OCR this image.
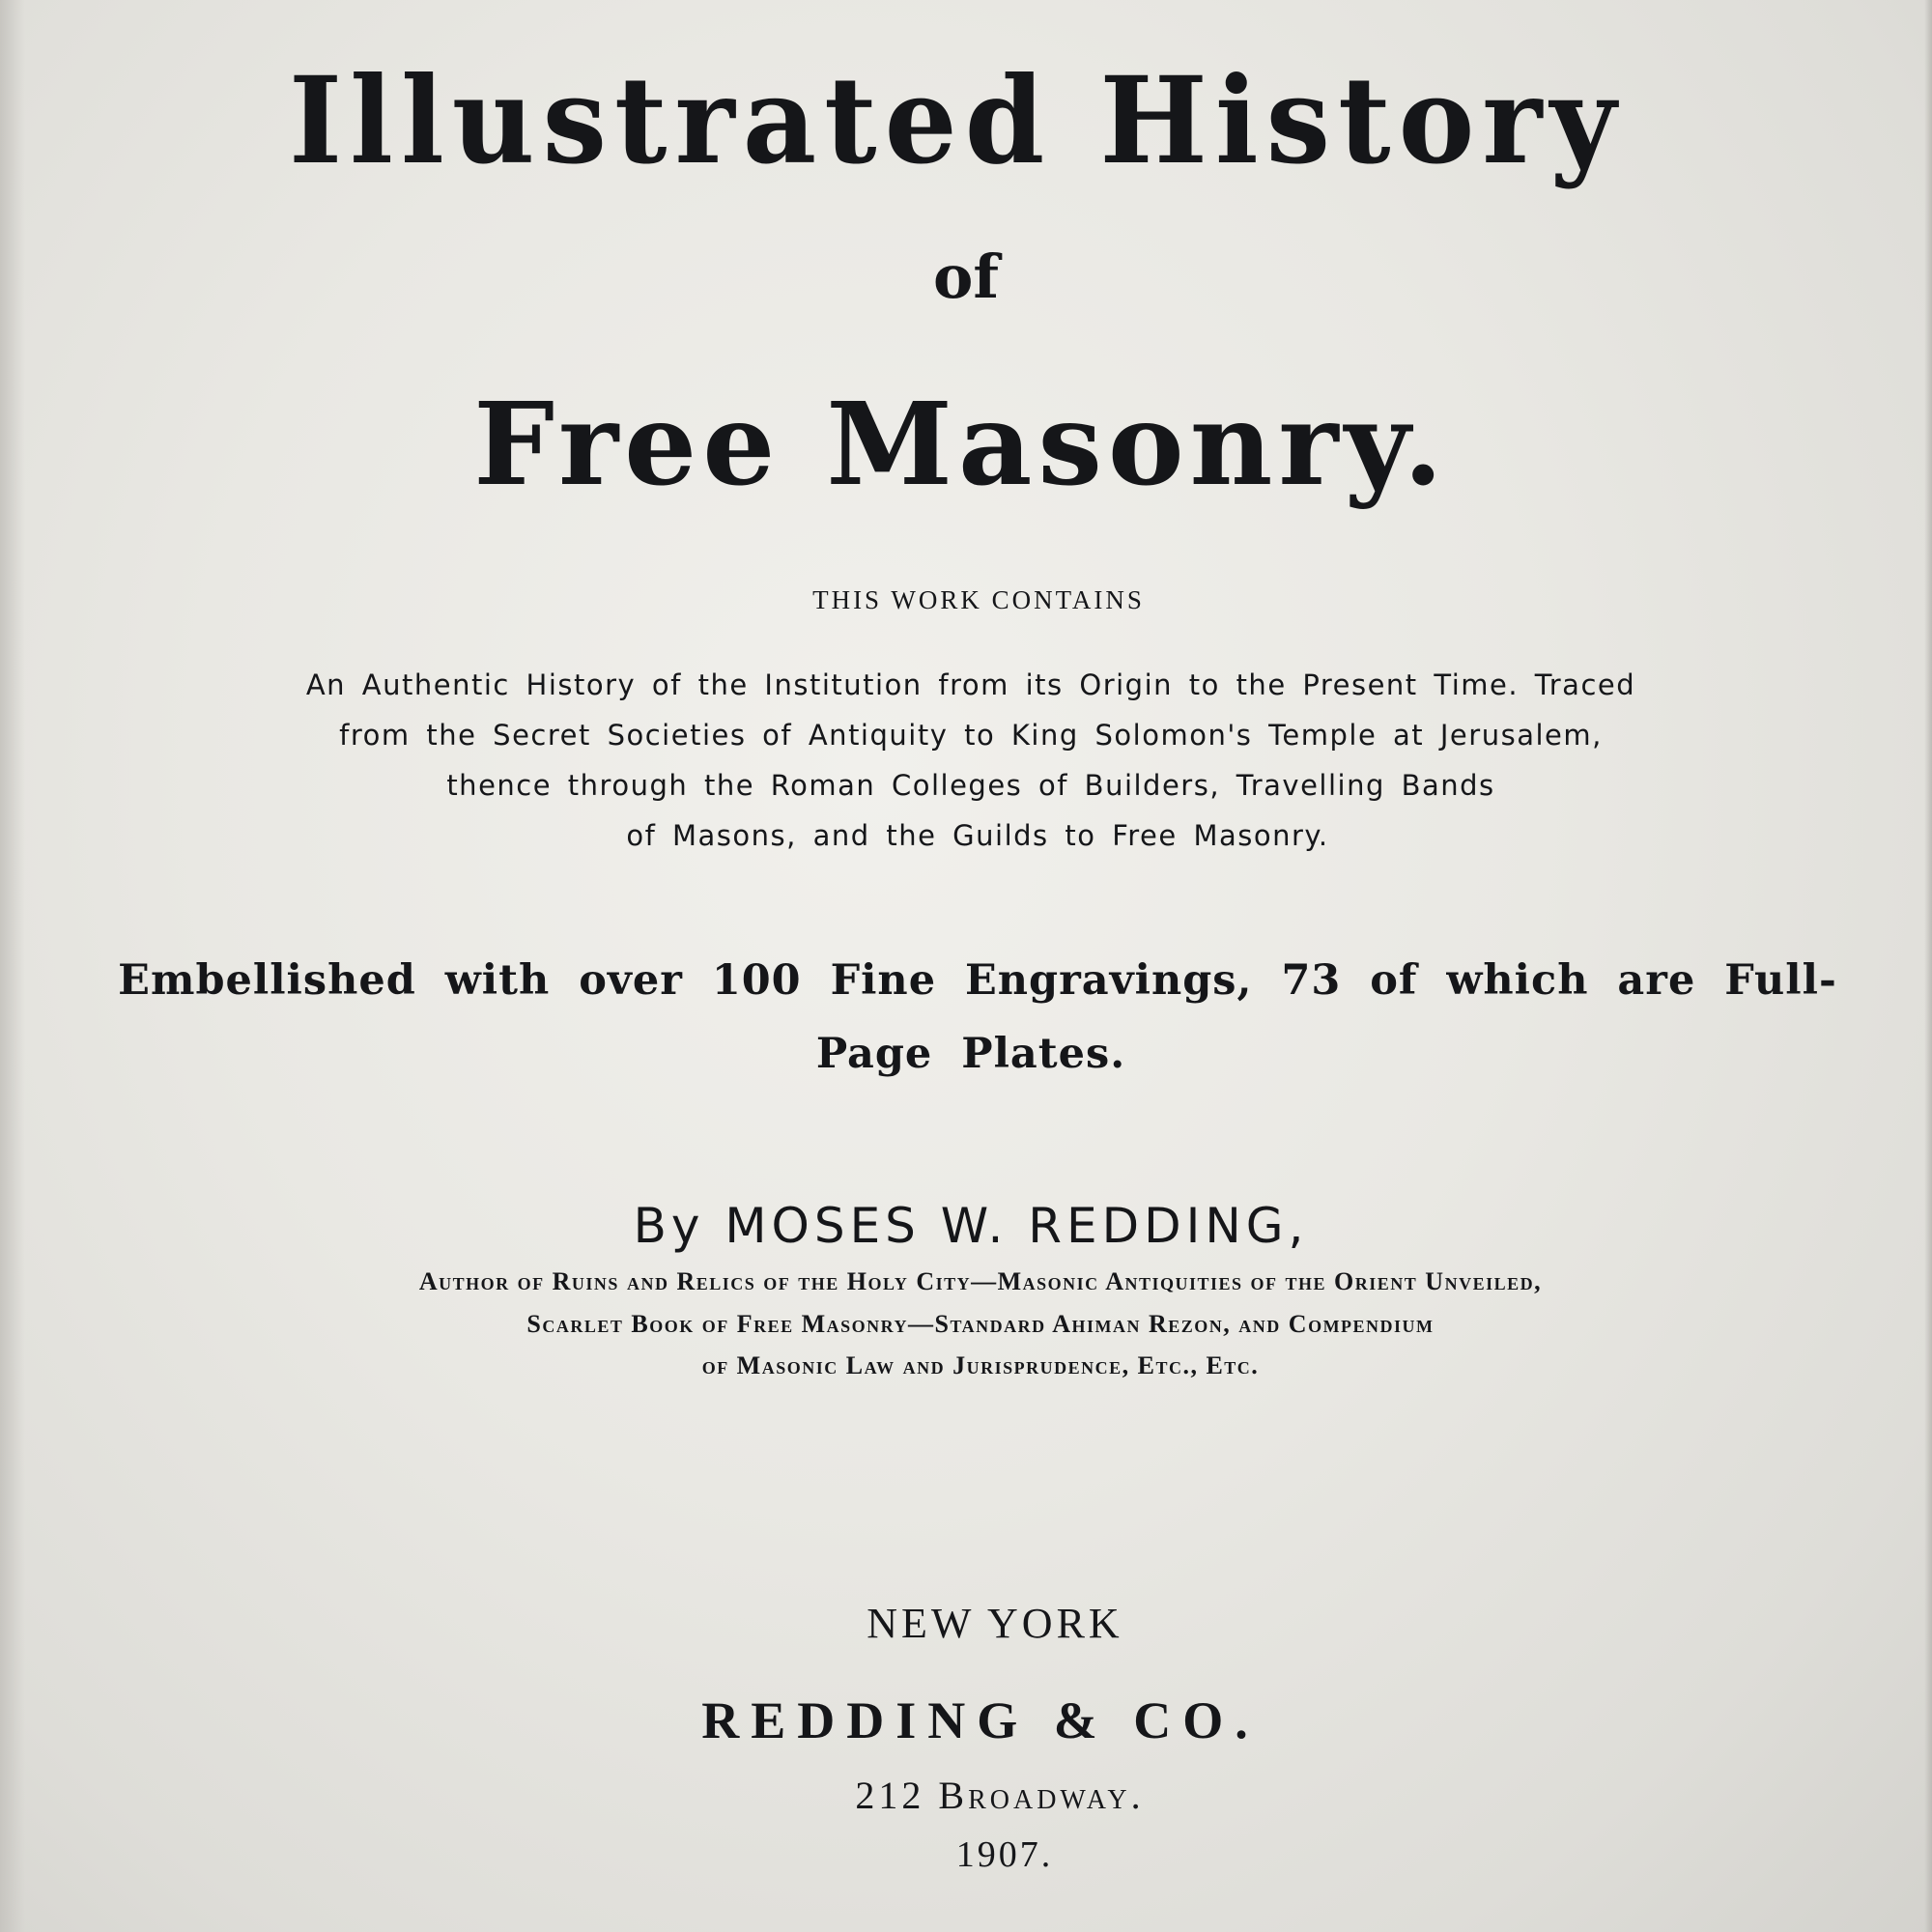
Illustrated History
of
Free Masonry.
THIS WORK CONTAINS
An Authentic History of the Institution from its Origin to the Present Time. Traced
from the Secret Societies of Antiquity to King Solomon's Temple at Jerusalem,
thence through the Roman Colleges of Builders, Travelling Bands
of Masons, and the Guilds to Free Masonry.
Embellished with over 100 Fine Engravings, 73 of which are Full-
Page Plates.
By MOSES W. REDDING,
Author of Ruins and Relics of the Holy City—Masonic Antiquities of the Orient Unveiled,
Scarlet Book of Free Masonry—Standard Ahiman Rezon, and Compendium
of Masonic Law and Jurisprudence, Etc., Etc.
NEW YORK
REDDING & CO.
212 Broadway.
1907.
